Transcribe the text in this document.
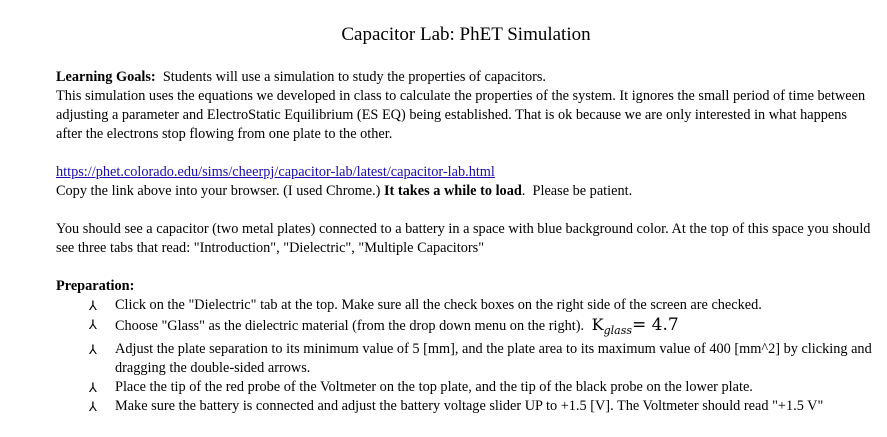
Capacitor Lab: PhET Simulation
Learning Goals:  Students will use a simulation to study the properties of capacitors.
This simulation uses the equations we developed in class to calculate the properties of the system. It ignores the small period of time between adjusting a parameter and ElectroStatic Equilibrium (ES EQ) being established. That is ok because we are only interested in what happens after the electrons stop flowing from one plate to the other.
https://phet.colorado.edu/sims/cheerpj/capacitor-lab/latest/capacitor-lab.html
Copy the link above into your browser. (I used Chrome.) It takes a while to load.  Please be patient.
You should see a capacitor (two metal plates) connected to a battery in a space with blue background color. At the top of this space you should see three tabs that read: "Introduction", "Dielectric", "Multiple Capacitors"
Preparation:
⅄ Click on the "Dielectric" tab at the top. Make sure all the check boxes on the right side of the screen are checked.
⅄ Choose "Glass" as the dielectric material (from the drop down menu on the right). $K_{glass}= 4.7$
⅄ Adjust the plate separation to its minimum value of 5 [mm], and the plate area to its maximum value of 400 [mm^2] by clicking and dragging the double-sided arrows.
⅄ Place the tip of the red probe of the Voltmeter on the top plate, and the tip of the black probe on the lower plate.
⅄ Make sure the battery is connected and adjust the battery voltage slider UP to +1.5 [V]. The Voltmeter should read "+1.5 V"
